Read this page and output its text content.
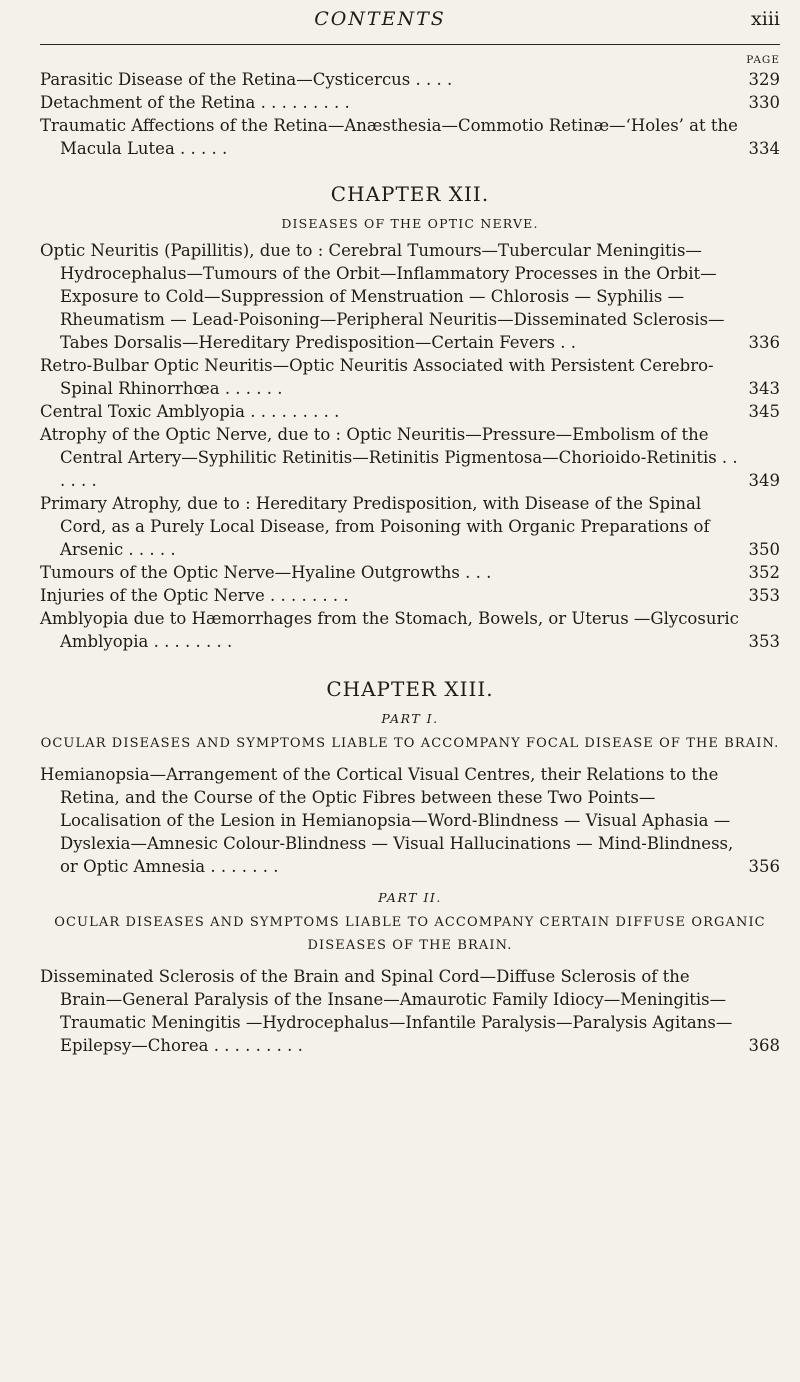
CONTENTS	xiii
PAGE
Parasitic Disease of the Retina—Cysticercus . . . .	329
Detachment of the Retina . . . . . . . . .	330
Traumatic Affections of the Retina—Anæsthesia—Commotio Retinæ—‘Holes’ at the Macula Lutea . . . . .	334
CHAPTER XII.
DISEASES OF THE OPTIC NERVE.
Optic Neuritis (Papillitis), due to : Cerebral Tumours—Tubercular Meningitis—Hydrocephalus—Tumours of the Orbit—Inflammatory Processes in the Orbit—Exposure to Cold—Suppression of Menstruation — Chlorosis — Syphilis — Rheumatism — Lead-Poisoning—Peripheral Neuritis—Disseminated Sclerosis—Tabes Dorsalis—Hereditary Predisposition—Certain Fevers . .	336
Retro-Bulbar Optic Neuritis—Optic Neuritis Associated with Persistent Cerebro-Spinal Rhinorrhœa . . . . . .	343
Central Toxic Amblyopia . . . . . . . . .	345
Atrophy of the Optic Nerve, due to : Optic Neuritis—Pressure—Embolism of the Central Artery—Syphilitic Retinitis—Retinitis Pigmentosa—Chorioido-Retinitis . . . . . .	349
Primary Atrophy, due to : Hereditary Predisposition, with Disease of the Spinal Cord, as a Purely Local Disease, from Poisoning with Organic Preparations of Arsenic . . . . .	350
Tumours of the Optic Nerve—Hyaline Outgrowths . . .	352
Injuries of the Optic Nerve . . . . . . . .	353
Amblyopia due to Hæmorrhages from the Stomach, Bowels, or Uterus —Glycosuric Amblyopia . . . . . . . .	353
CHAPTER XIII.
PART I.
OCULAR DISEASES AND SYMPTOMS LIABLE TO ACCOMPANY FOCAL DISEASE OF THE BRAIN.
Hemianopsia—Arrangement of the Cortical Visual Centres, their Relations to the Retina, and the Course of the Optic Fibres between these Two Points—Localisation of the Lesion in Hemianopsia—Word-Blindness — Visual Aphasia — Dyslexia—Amnesic Colour-Blindness — Visual Hallucinations — Mind-Blindness, or Optic Amnesia . . . . . . .	356
PART II.
OCULAR DISEASES AND SYMPTOMS LIABLE TO ACCOMPANY CERTAIN DIFFUSE ORGANIC DISEASES OF THE BRAIN.
Disseminated Sclerosis of the Brain and Spinal Cord—Diffuse Sclerosis of the Brain—General Paralysis of the Insane—Amaurotic Family Idiocy—Meningitis—Traumatic Meningitis —Hydrocephalus—Infantile Paralysis—Paralysis Agitans—Epilepsy—Chorea . . . . . . . . .	368
